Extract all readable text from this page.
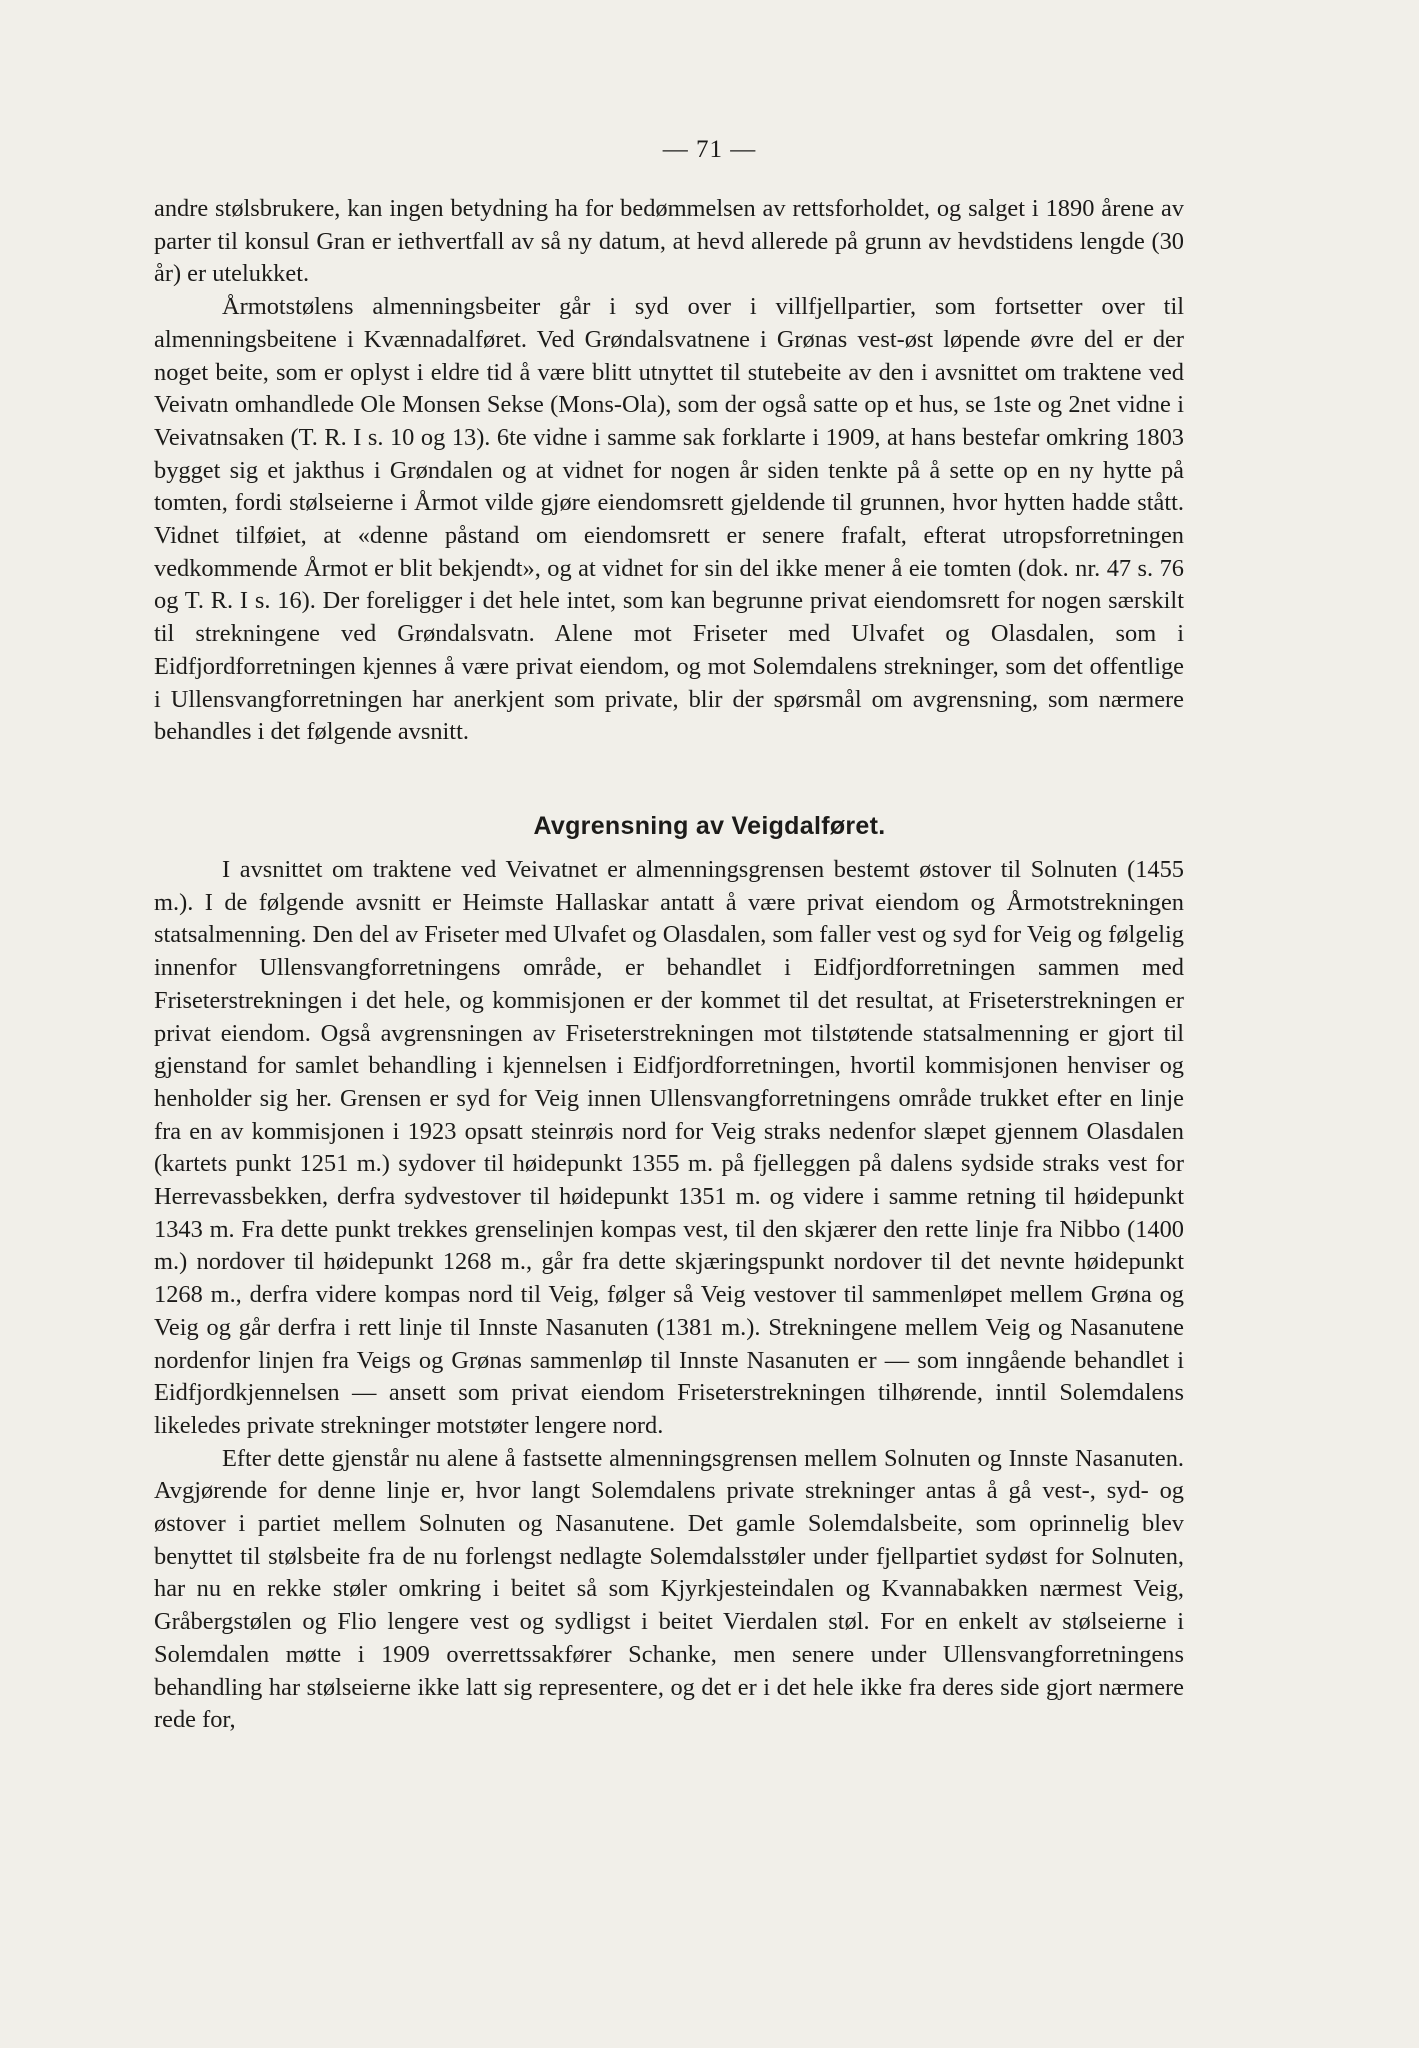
— 71 —

andre stølsbrukere, kan ingen betydning ha for bedømmelsen av rettsforholdet, og salget i 1890 årene av parter til konsul Gran er iethvertfall av så ny datum, at hevd allerede på grunn av hevdstidens lengde (30 år) er utelukket.

Årmotstølens almenningsbeiter går i syd over i villfjellpartier, som fortsetter over til almenningsbeitene i Kvænnadalføret. Ved Grøndalsvatnene i Grønas vest-øst løpende øvre del er der noget beite, som er oplyst i eldre tid å være blitt utnyttet til stutebeite av den i avsnittet om traktene ved Veivatn omhandlede Ole Monsen Sekse (Mons-Ola), som der også satte op et hus, se 1ste og 2net vidne i Veivatnsaken (T. R. I s. 10 og 13). 6te vidne i samme sak forklarte i 1909, at hans bestefar omkring 1803 bygget sig et jakthus i Grøndalen og at vidnet for nogen år siden tenkte på å sette op en ny hytte på tomten, fordi stølseierne i Årmot vilde gjøre eiendomsrett gjeldende til grunnen, hvor hytten hadde stått. Vidnet tilføiet, at «denne påstand om eiendomsrett er senere frafalt, efterat utropsforretningen vedkommende Årmot er blit bekjendt», og at vidnet for sin del ikke mener å eie tomten (dok. nr. 47 s. 76 og T. R. I s. 16). Der foreligger i det hele intet, som kan begrunne privat eiendomsrett for nogen særskilt til strekningene ved Grøndalsvatn. Alene mot Friseter med Ulvafet og Olasdalen, som i Eidfjordforretningen kjennes å være privat eiendom, og mot Solemdalens strekninger, som det offentlige i Ullensvangforretningen har anerkjent som private, blir der spørsmål om avgrensning, som nærmere behandles i det følgende avsnitt.

Avgrensning av Veigdalføret.

I avsnittet om traktene ved Veivatnet er almenningsgrensen bestemt østover til Solnuten (1455 m.). I de følgende avsnitt er Heimste Hallaskar antatt å være privat eiendom og Årmotstrekningen statsalmenning. Den del av Friseter med Ulvafet og Olasdalen, som faller vest og syd for Veig og følgelig innenfor Ullensvangforretningens område, er behandlet i Eidfjordforretningen sammen med Friseterstrekningen i det hele, og kommisjonen er der kommet til det resultat, at Friseterstrekningen er privat eiendom. Også avgrensningen av Friseterstrekningen mot tilstøtende statsalmenning er gjort til gjenstand for samlet behandling i kjennelsen i Eidfjordforretningen, hvortil kommisjonen henviser og henholder sig her. Grensen er syd for Veig innen Ullensvangforretningens område trukket efter en linje fra en av kommisjonen i 1923 opsatt steinrøis nord for Veig straks nedenfor slæpet gjennem Olasdalen (kartets punkt 1251 m.) sydover til høidepunkt 1355 m. på fjelleggen på dalens sydside straks vest for Herrevassbekken, derfra sydvestover til høidepunkt 1351 m. og videre i samme retning til høidepunkt 1343 m. Fra dette punkt trekkes grenselinjen kompas vest, til den skjærer den rette linje fra Nibbo (1400 m.) nordover til høidepunkt 1268 m., går fra dette skjæringspunkt nordover til det nevnte høidepunkt 1268 m., derfra videre kompas nord til Veig, følger så Veig vestover til sammenløpet mellem Grøna og Veig og går derfra i rett linje til Innste Nasanuten (1381 m.). Strekningene mellem Veig og Nasanutene nordenfor linjen fra Veigs og Grønas sammenløp til Innste Nasanuten er — som inngående behandlet i Eidfjordkjennelsen — ansett som privat eiendom Friseterstrekningen tilhørende, inntil Solemdalens likeledes private strekninger motstøter lengere nord.

Efter dette gjenstår nu alene å fastsette almenningsgrensen mellem Solnuten og Innste Nasanuten. Avgjørende for denne linje er, hvor langt Solemdalens private strekninger antas å gå vest-, syd- og østover i partiet mellem Solnuten og Nasanutene. Det gamle Solemdalsbeite, som oprinnelig blev benyttet til stølsbeite fra de nu forlengst nedlagte Solemdalsstøler under fjellpartiet sydøst for Solnuten, har nu en rekke støler omkring i beitet så som Kjyrkjesteindalen og Kvannabakken nærmest Veig, Gråbergstølen og Flio lengere vest og sydligst i beitet Vierdalen støl. For en enkelt av stølseierne i Solemdalen møtte i 1909 overrettssakfører Schanke, men senere under Ullensvangforretningens behandling har stølseierne ikke latt sig representere, og det er i det hele ikke fra deres side gjort nærmere rede for,
